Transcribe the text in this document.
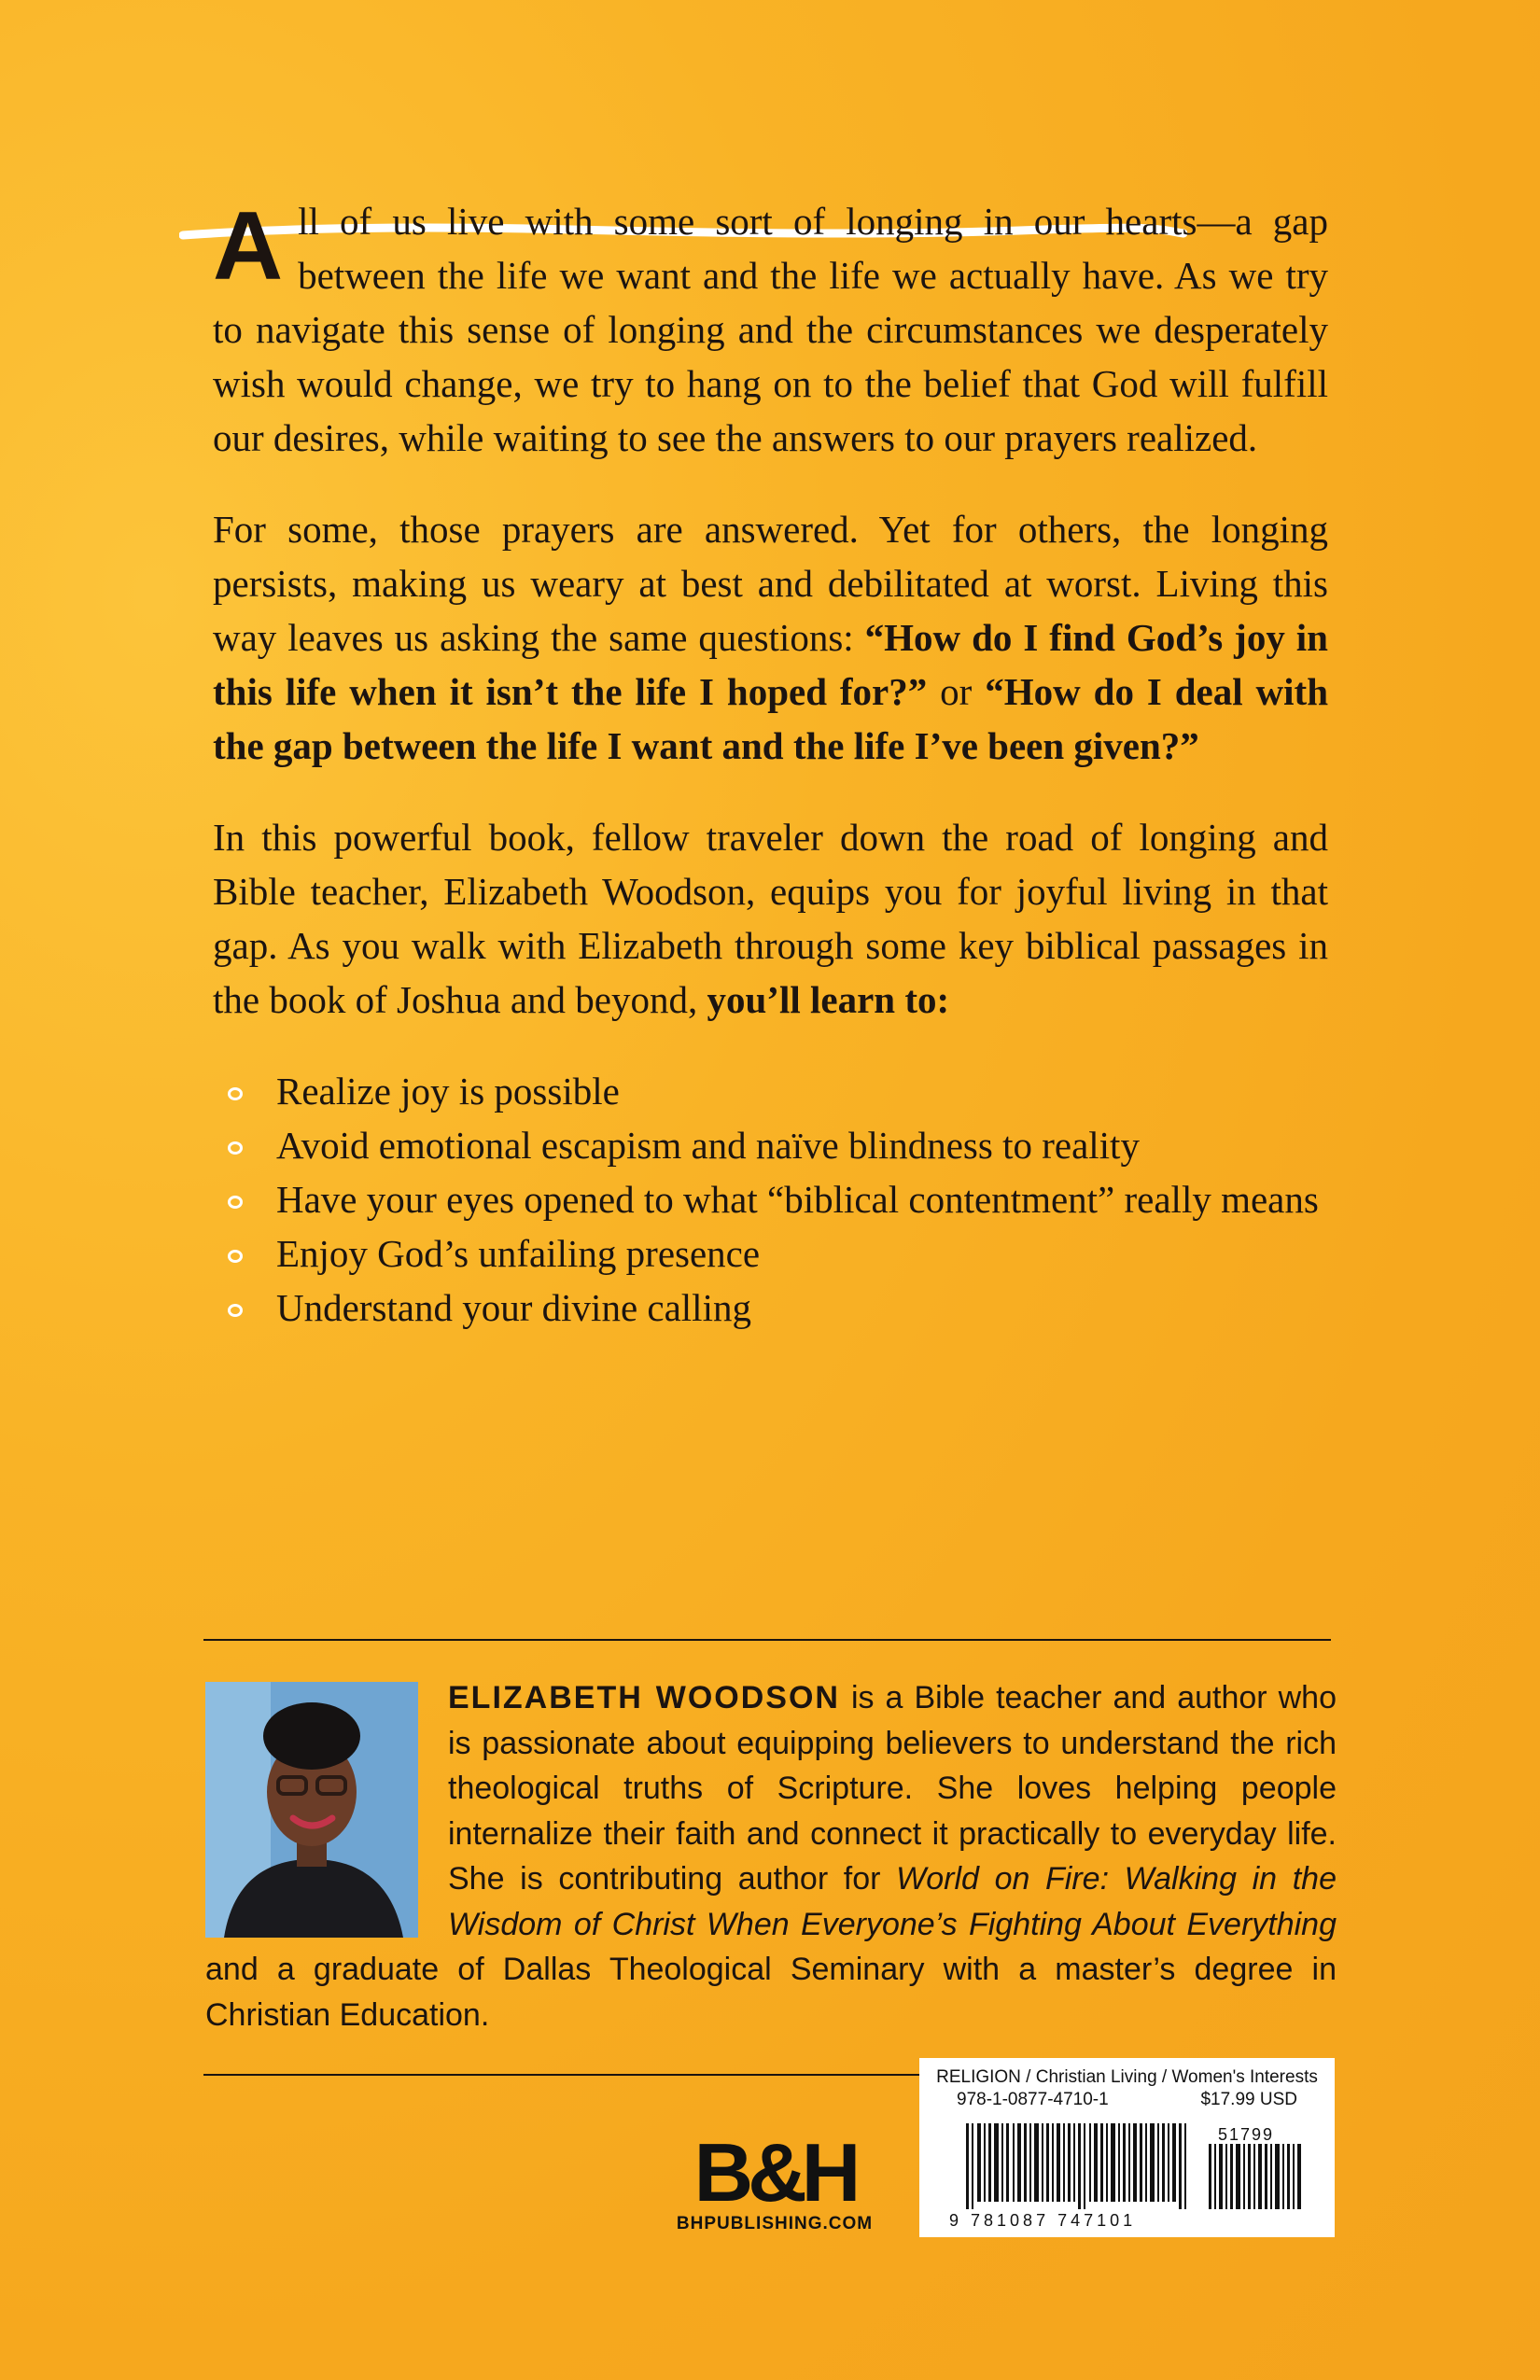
All of us live with some sort of longing in our hearts—a gap between the life we want and the life we actually have. As we try to navigate this sense of longing and the circumstances we desperately wish would change, we try to hang on to the belief that God will fulfill our desires, while waiting to see the answers to our prayers realized.

For some, those prayers are answered. Yet for others, the longing persists, making us weary at best and debilitated at worst. Living this way leaves us asking the same questions: “How do I find God’s joy in this life when it isn’t the life I hoped for?” or “How do I deal with the gap between the life I want and the life I’ve been given?”

In this powerful book, fellow traveler down the road of longing and Bible teacher, Elizabeth Woodson, equips you for joyful living in that gap. As you walk with Elizabeth through some key biblical passages in the book of Joshua and beyond, you’ll learn to:

Realize joy is possible
Avoid emotional escapism and naïve blindness to reality
Have your eyes opened to what “biblical contentment” really means
Enjoy God’s unfailing presence
Understand your divine calling
ELIZABETH WOODSON is a Bible teacher and author who is passionate about equipping believers to understand the rich theological truths of Scripture. She loves helping people internalize their faith and connect it practically to everyday life. She is contributing author for World on Fire: Walking in the Wisdom of Christ When Everyone’s Fighting About Everything and a graduate of Dallas Theological Seminary with a master’s degree in Christian Education.
B&H
BHPUBLISHING.COM
RELIGION / Christian Living / Women's Interests
978-1-0877-4710-1	$17.99 USD
51799
9 781087 747101
